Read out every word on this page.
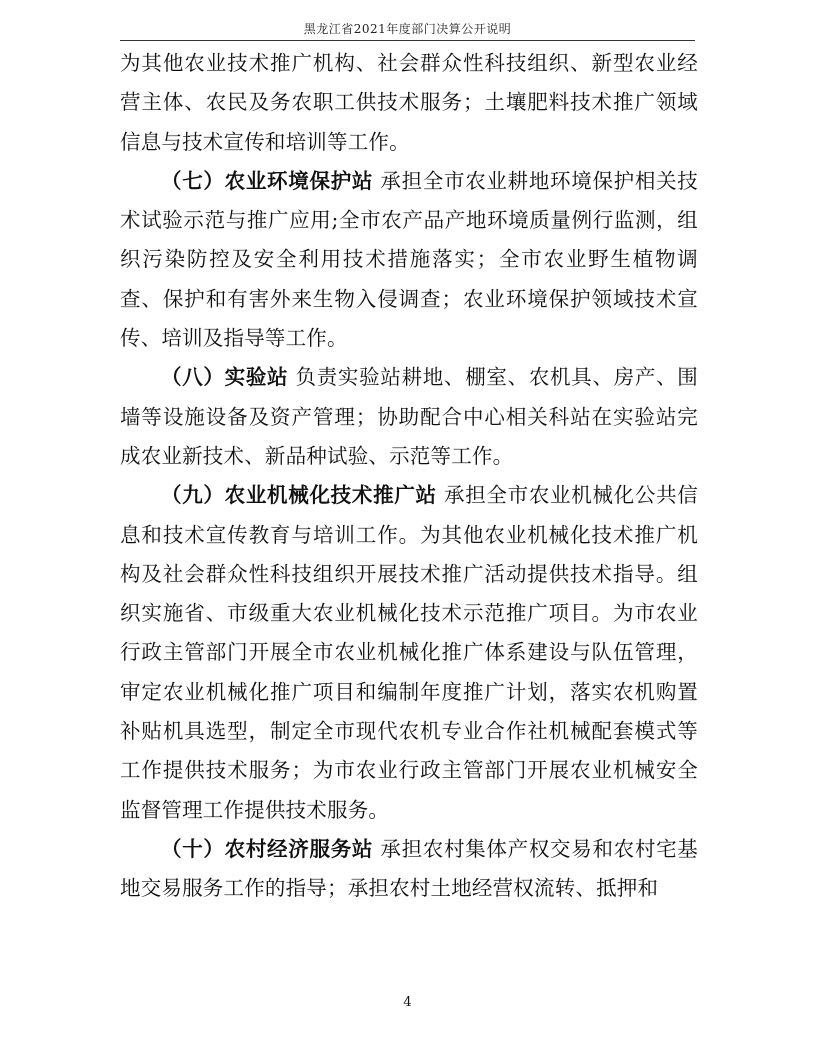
黑龙江省2021年度部门决算公开说明

为其他农业技术推广机构、社会群众性科技组织、新型农业经营主体、农民及务农职工供技术服务；土壤肥料技术推广领域信息与技术宣传和培训等工作。

（七）农业环境保护站 承担全市农业耕地环境保护相关技术试验示范与推广应用;全市农产品产地环境质量例行监测，组织污染防控及安全利用技术措施落实；全市农业野生植物调查、保护和有害外来生物入侵调查；农业环境保护领域技术宣传、培训及指导等工作。

（八）实验站 负责实验站耕地、棚室、农机具、房产、围墙等设施设备及资产管理；协助配合中心相关科站在实验站完成农业新技术、新品种试验、示范等工作。

（九）农业机械化技术推广站 承担全市农业机械化公共信息和技术宣传教育与培训工作。为其他农业机械化技术推广机构及社会群众性科技组织开展技术推广活动提供技术指导。组织实施省、市级重大农业机械化技术示范推广项目。为市农业行政主管部门开展全市农业机械化推广体系建设与队伍管理，审定农业机械化推广项目和编制年度推广计划，落实农机购置补贴机具选型，制定全市现代农机专业合作社机械配套模式等工作提供技术服务；为市农业行政主管部门开展农业机械安全监督管理工作提供技术服务。

（十）农村经济服务站 承担农村集体产权交易和农村宅基地交易服务工作的指导；承担农村土地经营权流转、抵押和

4
